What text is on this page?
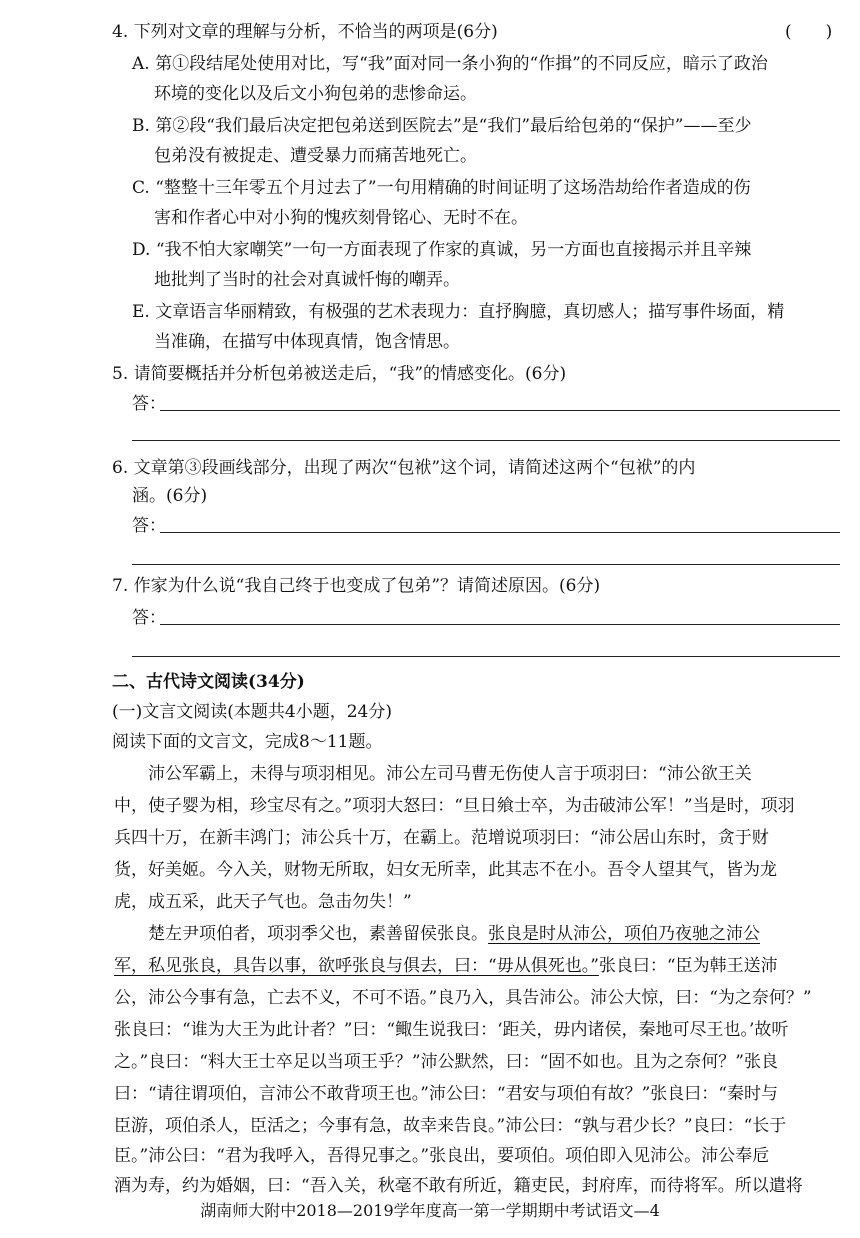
4. 下列对文章的理解与分析，不恰当的两项是(6分)	(　　)
A. 第①段结尾处使用对比，写“我”面对同一条小狗的“作揖”的不同反应，暗示了政治
环境的变化以及后文小狗包弟的悲惨命运。
B. 第②段“我们最后决定把包弟送到医院去”是“我们”最后给包弟的“保护”——至少
包弟没有被捉走、遭受暴力而痛苦地死亡。
C. “整整十三年零五个月过去了”一句用精确的时间证明了这场浩劫给作者造成的伤
害和作者心中对小狗的愧疚刻骨铭心、无时不在。
D. “我不怕大家嘲笑”一句一方面表现了作家的真诚，另一方面也直接揭示并且辛辣
地批判了当时的社会对真诚忏悔的嘲弄。
E. 文章语言华丽精致，有极强的艺术表现力：直抒胸臆，真切感人；描写事件场面，精
当准确，在描写中体现真情，饱含情思。
5. 请简要概括并分析包弟被送走后，“我”的情感变化。(6分)
答：
6. 文章第③段画线部分，出现了两次“包袱”这个词，请简述这两个“包袱”的内
涵。(6分)
答：
7. 作家为什么说“我自己终于也变成了包弟”？请简述原因。(6分)
答：
二、古代诗文阅读(34分)
(一)文言文阅读(本题共4小题，24分)
阅读下面的文言文，完成8～11题。
　　沛公军霸上，未得与项羽相见。沛公左司马曹无伤使人言于项羽曰：“沛公欲王关
中，使子婴为相，珍宝尽有之。”项羽大怒曰：“旦日飨士卒，为击破沛公军！”当是时，项羽
兵四十万，在新丰鸿门；沛公兵十万，在霸上。范增说项羽曰：“沛公居山东时，贪于财
货，好美姬。今入关，财物无所取，妇女无所幸，此其志不在小。吾令人望其气，皆为龙
虎，成五采，此天子气也。急击勿失！”
　　楚左尹项伯者，项羽季父也，素善留侯张良。张良是时从沛公，项伯乃夜驰之沛公
军，私见张良，具告以事，欲呼张良与俱去，曰：“毋从俱死也。”张良曰：“臣为韩王送沛
公，沛公今事有急，亡去不义，不可不语。”良乃入，具告沛公。沛公大惊，曰：“为之奈何？”
张良曰：“谁为大王为此计者？”曰：“鲰生说我曰：‘距关，毋内诸侯，秦地可尽王也。’故听
之。”良曰：“料大王士卒足以当项王乎？”沛公默然，曰：“固不如也。且为之奈何？”张良
曰：“请往谓项伯，言沛公不敢背项王也。”沛公曰：“君安与项伯有故？”张良曰：“秦时与
臣游，项伯杀人，臣活之；今事有急，故幸来告良。”沛公曰：“孰与君少长？”良曰：“长于
臣。”沛公曰：“君为我呼入，吾得兄事之。”张良出，要项伯。项伯即入见沛公。沛公奉卮
酒为寿，约为婚姻，曰：“吾入关，秋毫不敢有所近，籍吏民，封府库，而待将军。所以遣将
湖南师大附中2018—2019学年度高一第一学期期中考试语文—4
